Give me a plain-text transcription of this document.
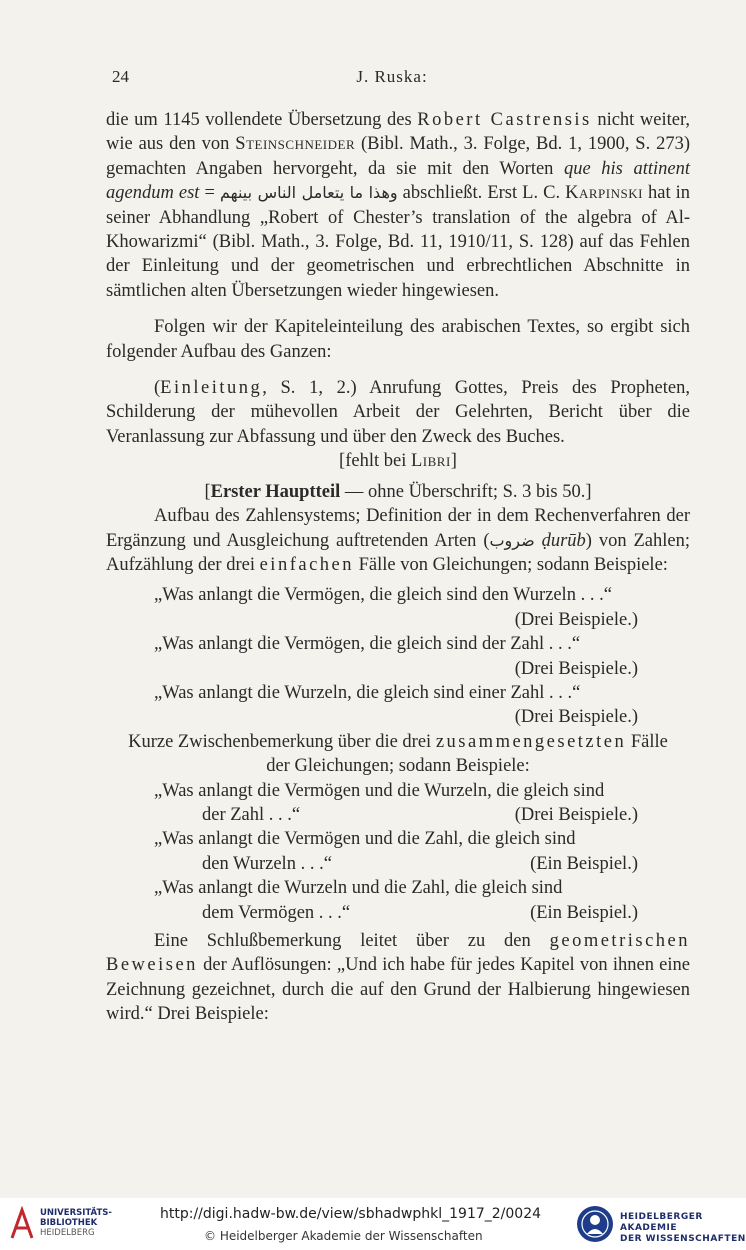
24	J. Ruska:

die um 1145 vollendete Übersetzung des Robert Castrensis nicht weiter, wie aus den von Steinschneider (Bibl. Math., 3. Folge, Bd. 1, 1900, S. 273) gemachten Angaben hervorgeht, da sie mit den Worten que his attinent agendum est = وهذا ما يتعامل الناس بينهم abschließt. Erst L. C. Karpinski hat in seiner Abhandlung „Robert of Chester’s translation of the algebra of Al-Khowarizmi“ (Bibl. Math., 3. Folge, Bd. 11, 1910/11, S. 128) auf das Fehlen der Einleitung und der geometrischen und erbrechtlichen Abschnitte in sämtlichen alten Übersetzungen wieder hingewiesen.

Folgen wir der Kapiteleinteilung des arabischen Textes, so ergibt sich folgender Aufbau des Ganzen:

(Einleitung, S. 1, 2.) Anrufung Gottes, Preis des Propheten, Schilderung der mühevollen Arbeit der Gelehrten, Bericht über die Veranlassung zur Abfassung und über den Zweck des Buches.

[fehlt bei Libri]

[Erster Hauptteil — ohne Überschrift; S. 3 bis 50.]

Aufbau des Zahlensystems; Definition der in dem Rechenverfahren der Ergänzung und Ausgleichung auftretenden Arten (ضروب ḍurūb) von Zahlen; Aufzählung der drei einfachen Fälle von Gleichungen; sodann Beispiele:

„Was anlangt die Vermögen, die gleich sind den Wurzeln . . .“

(Drei Beispiele.)

„Was anlangt die Vermögen, die gleich sind der Zahl . . .“

(Drei Beispiele.)

„Was anlangt die Wurzeln, die gleich sind einer Zahl . . .“

(Drei Beispiele.)

Kurze Zwischenbemerkung über die drei zusammengesetzten Fälle der Gleichungen; sodann Beispiele:

„Was anlangt die Vermögen und die Wurzeln, die gleich sind

der Zahl . . .“	(Drei Beispiele.)

„Was anlangt die Vermögen und die Zahl, die gleich sind

den Wurzeln . . .“	(Ein Beispiel.)

„Was anlangt die Wurzeln und die Zahl, die gleich sind

dem Vermögen . . .“	(Ein Beispiel.)

Eine Schlußbemerkung leitet über zu den geometrischen Beweisen der Auflösungen: „Und ich habe für jedes Kapitel von ihnen eine Zeichnung gezeichnet, durch die auf den Grund der Halbierung hingewiesen wird.“ Drei Beispiele:

UNIVERSITÄTS-
BIBLIOTHEK
HEIDELBERG
http://digi.hadw-bw.de/view/sbhadwphkl_1917_2/0024
© Heidelberger Akademie der Wissenschaften
HEIDELBERGER AKADEMIE
DER WISSENSCHAFTEN
